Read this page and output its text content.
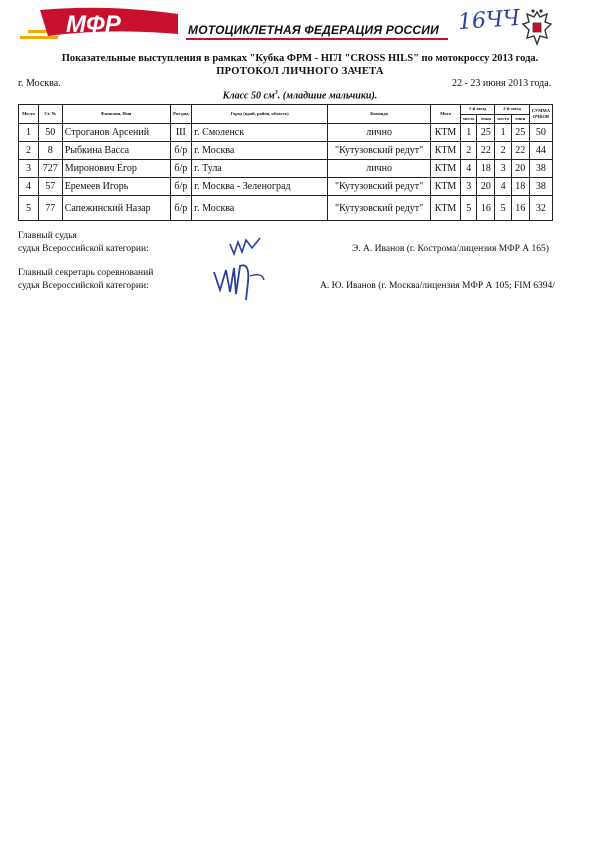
МФР	МОТОЦИКЛЕТНАЯ ФЕДЕРАЦИЯ РОССИИ 16ЧЧ
Показательные выступления в рамках "Кубка ФРМ - НГЛ "CROSS HILS" по мотокроссу 2013 года.
ПРОТОКОЛ ЛИЧНОГО ЗАЧЕТА
г. Москва.	22 - 23 июня 2013 года.
Класс 50 $см^3$. (младшие мальчики).
Место	Ст. №	Фамилия, Имя	Раз-ряд	Город (край, район, область)	Команда	Мото	1-й заезд		2-й заезд		СУММА ОЧКОВ
							место	очки	место	очки	
1	50	Строганов Арсений	III	г. Смоленск	лично	КТМ	1	25	1	25	50
2	8	Рыбкина Васса	б/р	г. Москва	"Кутузовский редут"	КТМ	2	22	2	22	44
3	727	Миронович Егор	б/р	г. Тула	лично	КТМ	4	18	3	20	38
4	57	Еремеев Игорь	б/р	г. Москва - Зеленоград	"Кутузовский редут"	КТМ	3	20	4	18	38
5	77	Сапежинский Назар	б/р	г. Москва	"Кутузовский редут"	КТМ	5	16	5	16	32
Главный судья
судья Всероссийской категории:	Э. А. Иванов (г. Кострома/лицензия МФР А 165)
Главный секретарь соревнований
судья Всероссийской категории:	А. Ю. Иванов (г. Москва/лицензия МФР А 105; FIM 6394/
